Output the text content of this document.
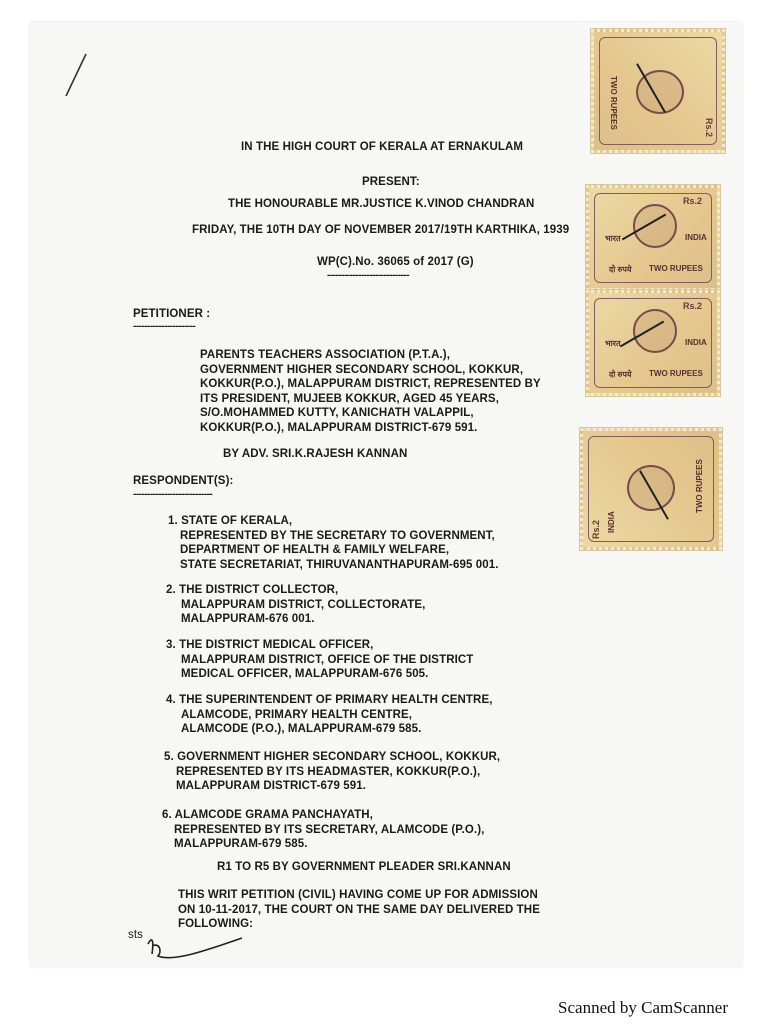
IN THE HIGH COURT OF KERALA AT ERNAKULAM
PRESENT:
THE HONOURABLE MR.JUSTICE K.VINOD CHANDRAN
FRIDAY, THE 10TH DAY OF NOVEMBER 2017/19TH KARTHIKA, 1939
WP(C).No. 36065 of 2017 (G)
-----------------------------
PETITIONER :
----------------------
PARENTS TEACHERS ASSOCIATION (P.T.A.),
GOVERNMENT HIGHER SECONDARY SCHOOL, KOKKUR,
KOKKUR(P.O.), MALAPPURAM DISTRICT, REPRESENTED BY
ITS PRESIDENT, MUJEEB KOKKUR, AGED 45 YEARS,
S/O.MOHAMMED KUTTY, KANICHATH VALAPPIL,
KOKKUR(P.O.), MALAPPURAM DISTRICT-679 591.
BY ADV. SRI.K.RAJESH KANNAN
RESPONDENT(S):
----------------------------
1. STATE OF KERALA,
REPRESENTED BY THE SECRETARY TO GOVERNMENT,
DEPARTMENT OF HEALTH & FAMILY WELFARE,
STATE SECRETARIAT, THIRUVANANTHAPURAM-695 001.
2. THE DISTRICT COLLECTOR,
MALAPPURAM DISTRICT, COLLECTORATE,
MALAPPURAM-676 001.
3. THE DISTRICT MEDICAL OFFICER,
MALAPPURAM DISTRICT, OFFICE OF THE DISTRICT
MEDICAL OFFICER, MALAPPURAM-676 505.
4. THE SUPERINTENDENT OF PRIMARY HEALTH CENTRE,
ALAMCODE, PRIMARY HEALTH CENTRE,
ALAMCODE (P.O.), MALAPPURAM-679 585.
5. GOVERNMENT HIGHER SECONDARY SCHOOL, KOKKUR,
REPRESENTED BY ITS HEADMASTER, KOKKUR(P.O.),
MALAPPURAM DISTRICT-679 591.
6. ALAMCODE GRAMA PANCHAYATH,
REPRESENTED BY ITS SECRETARY, ALAMCODE (P.O.),
MALAPPURAM-679 585.
R1 TO R5 BY GOVERNMENT PLEADER SRI.KANNAN
THIS WRIT PETITION (CIVIL) HAVING COME UP FOR ADMISSION
ON 10-11-2017, THE COURT ON THE SAME DAY DELIVERED THE
FOLLOWING:
sts
Rs.2
TWO RUPEES
Rs.2
भारत	INDIA
दो रुपये TWO RUPEES
Rs.2
भारत	INDIA
दो रुपये TWO RUPEES
Rs.2 INDIA
TWO RUPEES
Scanned by CamScanner
